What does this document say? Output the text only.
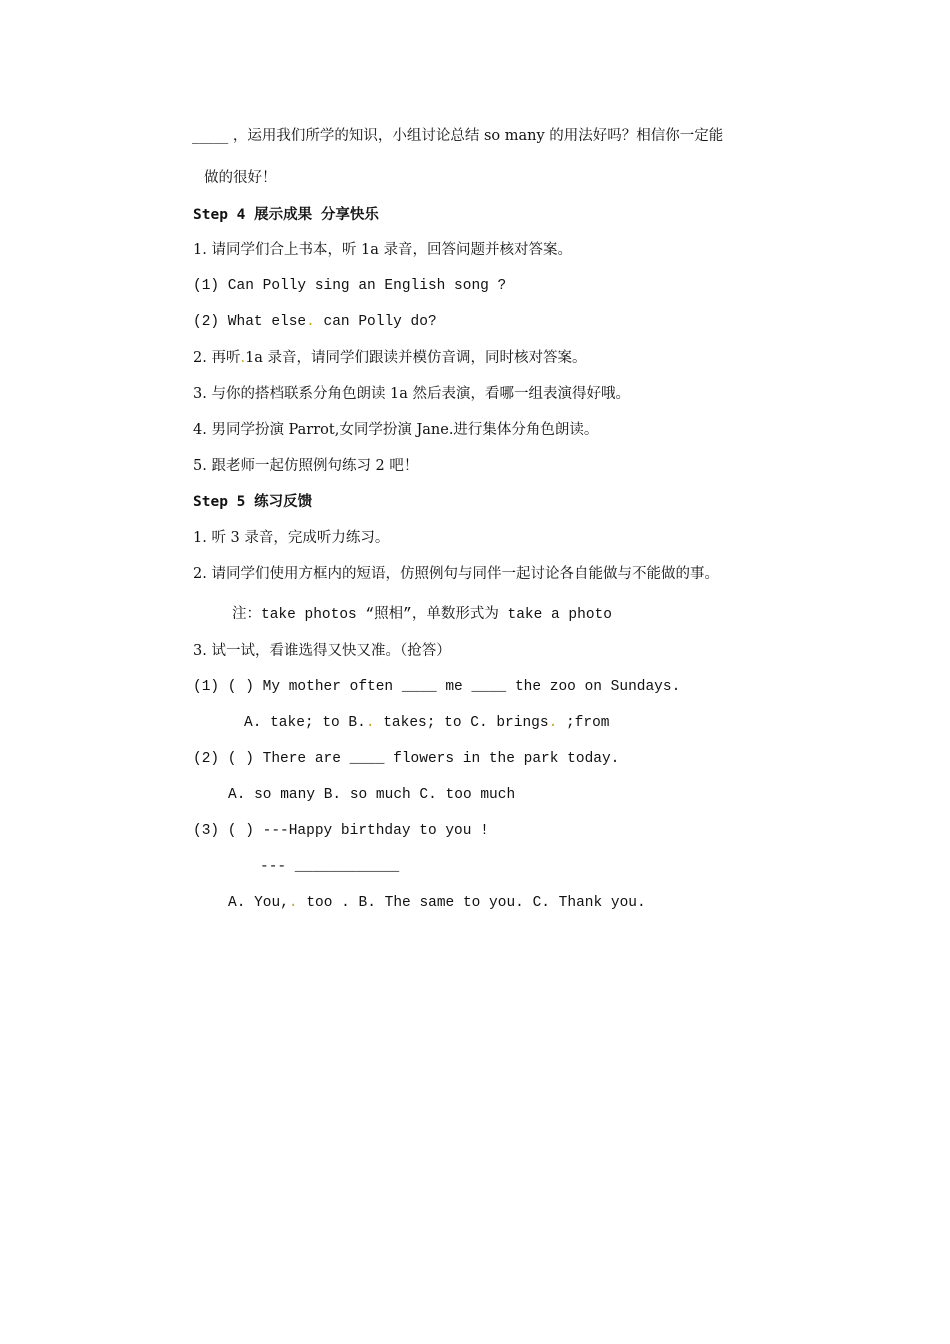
_____ ，运用我们所学的知识，小组讨论总结 so many 的用法好吗？相信你一定能
做的很好！
Step 4 展示成果 分享快乐
1. 请同学们合上书本，听 1a 录音，回答问题并核对答案。
(1) Can Polly sing an English song ?
(2) What else. can Polly do?
2. 再听.1a 录音，请同学们跟读并模仿音调，同时核对答案。
3. 与你的搭档联系分角色朗读 1a 然后表演，看哪一组表演得好哦。
4. 男同学扮演 Parrot,女同学扮演 Jane.进行集体分角色朗读。
5. 跟老师一起仿照例句练习 2 吧！
Step 5 练习反馈
1. 听 3 录音，完成听力练习。
2. 请同学们使用方框内的短语，仿照例句与同伴一起讨论各自能做与不能做的事。
注：take photos “照相”，单数形式为 take a photo
3. 试一试，看谁选得又快又准。（抢答）
(1) ( ) My mother often ____ me ____ the zoo on Sundays.
A. take; to B.. takes; to C. brings. ;from
(2) ( ) There are ____ flowers in the park today.
A. so many B. so much C. too much
(3) ( ) ---Happy birthday to you !
--- ____________
A. You,. too . B. The same to you. C. Thank you.
